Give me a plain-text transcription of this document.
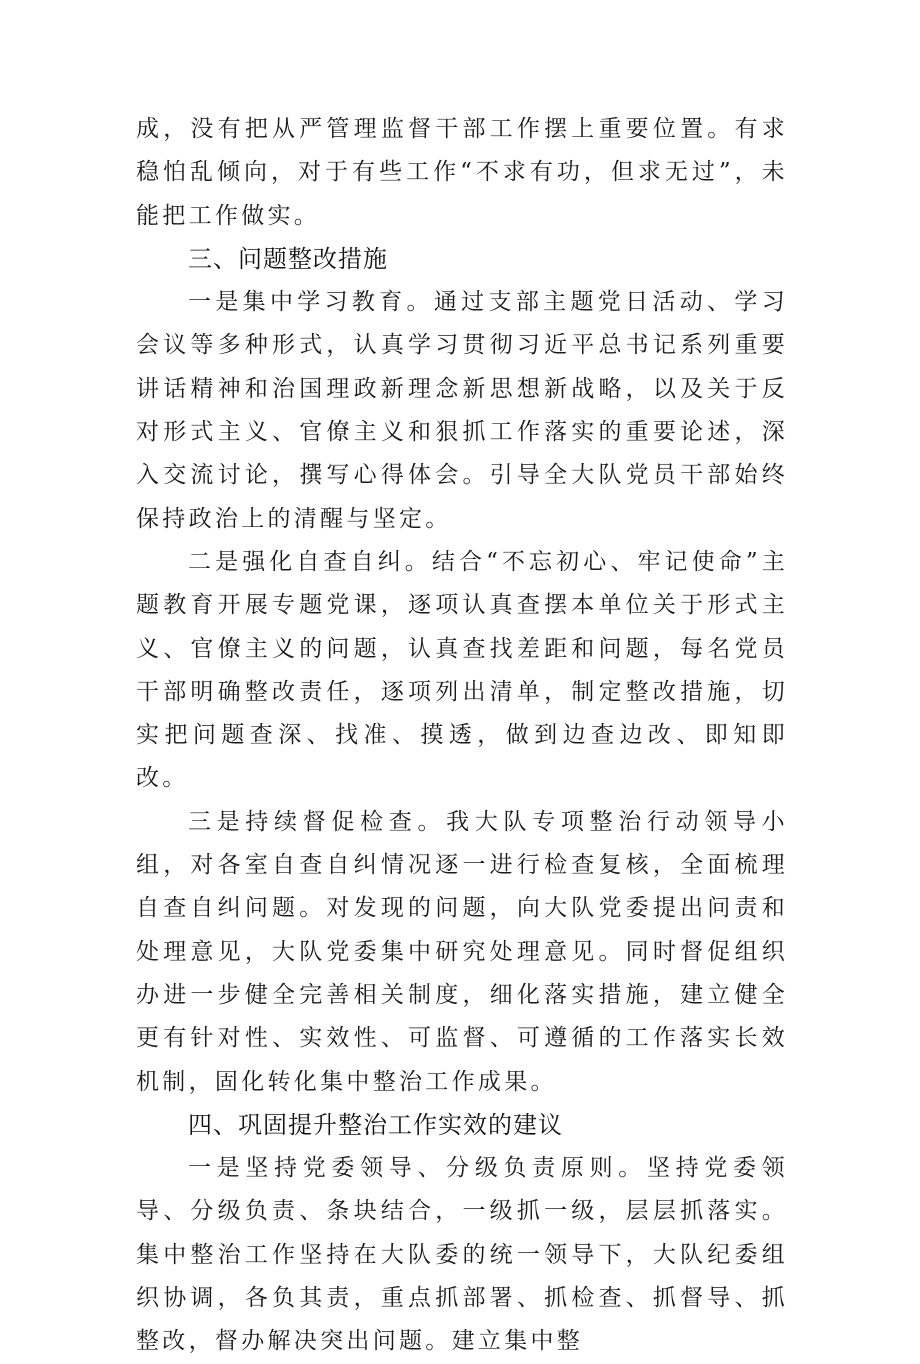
成，没有把从严管理监督干部工作摆上重要位置。有求稳怕乱倾向，对于有些工作“不求有功，但求无过”，未能把工作做实。

三、问题整改措施

一是集中学习教育。通过支部主题党日活动、学习会议等多种形式，认真学习贯彻习近平总书记系列重要讲话精神和治国理政新理念新思想新战略，以及关于反对形式主义、官僚主义和狠抓工作落实的重要论述，深入交流讨论，撰写心得体会。引导全大队党员干部始终保持政治上的清醒与坚定。

二是强化自查自纠。结合“不忘初心、牢记使命”主题教育开展专题党课，逐项认真查摆本单位关于形式主义、官僚主义的问题，认真查找差距和问题，每名党员干部明确整改责任，逐项列出清单，制定整改措施，切实把问题查深、找准、摸透，做到边查边改、即知即改。

三是持续督促检查。我大队专项整治行动领导小组，对各室自查自纠情况逐一进行检查复核，全面梳理自查自纠问题。对发现的问题，向大队党委提出问责和处理意见，大队党委集中研究处理意见。同时督促组织办进一步健全完善相关制度，细化落实措施，建立健全更有针对性、实效性、可监督、可遵循的工作落实长效机制，固化转化集中整治工作成果。

四、巩固提升整治工作实效的建议

一是坚持党委领导、分级负责原则。坚持党委领导、分级负责、条块结合，一级抓一级，层层抓落实。集中整治工作坚持在大队委的统一领导下，大队纪委组织协调，各负其责，重点抓部署、抓检查、抓督导、抓整改，督办解决突出问题。建立集中整
